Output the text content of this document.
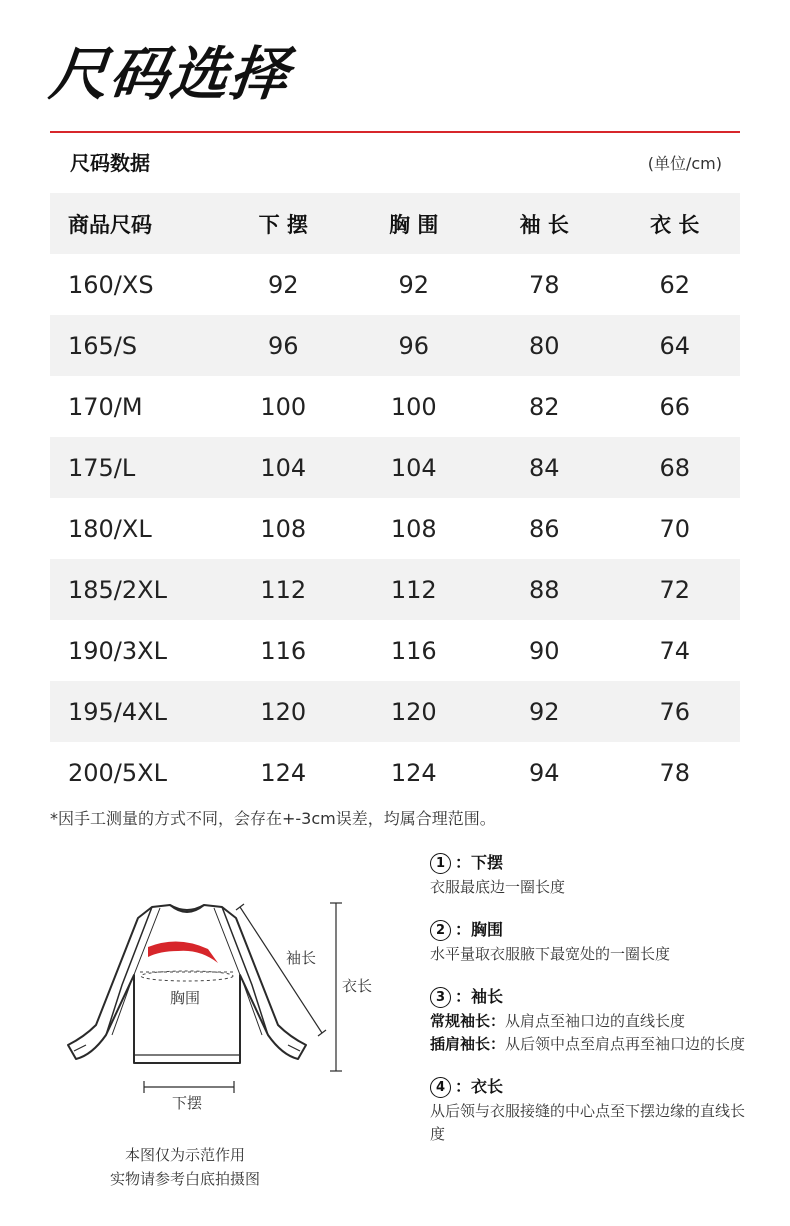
尺码选择
尺码数据	(单位/cm)
商品尺码	下 摆	胸 围	袖 长	衣 长
160/XS	92	92	78	62
165/S	96	96	80	64
170/M	100	100	82	66
175/L	104	104	84	68
180/XL	108	108	86	70
185/2XL	112	112	88	72
190/3XL	116	116	90	74
195/4XL	120	120	92	76
200/5XL	124	124	94	78
*因手工测量的方式不同，会存在+-3cm误差，均属合理范围。
袖长
衣长
胸围
下摆
本图仅为示范作用
实物请参考白底拍摄图
1 ：下摆
衣服最底边一圈长度
2 ：胸围
水平量取衣服腋下最宽处的一圈长度
3 ：袖长
常规袖长： 从肩点至袖口边的直线长度
插肩袖长： 从后领中点至肩点再至袖口边的长度
4 ：衣长
从后领与衣服接缝的中心点至下摆边缘的直线长度
